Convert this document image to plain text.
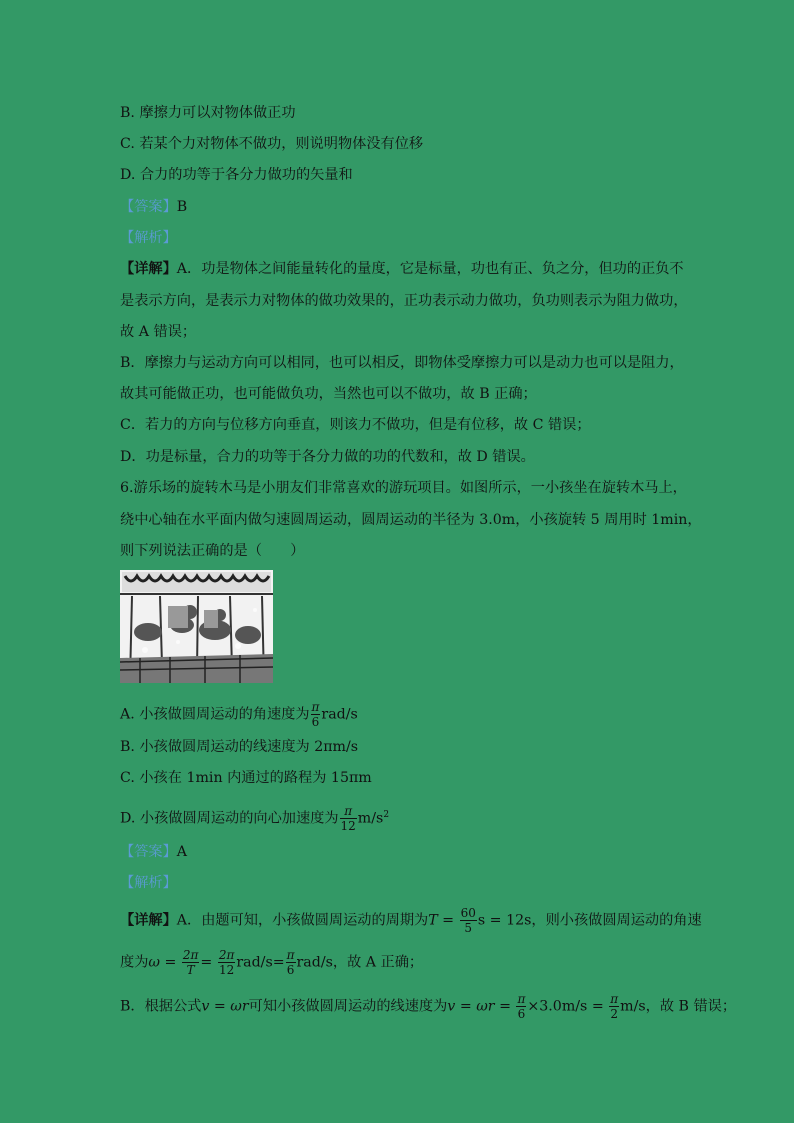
B. 摩擦力可以对物体做正功
C. 若某个力对物体不做功，则说明物体没有位移
D. 合力的功等于各分力做功的矢量和
【答案】B
【解析】
【详解】A．功是物体之间能量转化的量度，它是标量，功也有正、负之分，但功的正负不
是表示方向，是表示力对物体的做功效果的，正功表示动力做功，负功则表示为阻力做功，
故 A 错误；
B．摩擦力与运动方向可以相同，也可以相反，即物体受摩擦力可以是动力也可以是阻力，
故其可能做正功，也可能做负功，当然也可以不做功，故 B 正确；
C．若力的方向与位移方向垂直，则该力不做功，但是有位移，故 C 错误；
D．功是标量，合力的功等于各分力做的功的代数和，故 D 错误。
6.游乐场的旋转木马是小朋友们非常喜欢的游玩项目。如图所示，一小孩坐在旋转木马上，
绕中心轴在水平面内做匀速圆周运动，圆周运动的半径为 3.0m，小孩旋转 5 周用时 1min，
则下列说法正确的是（　　）
A. 小孩做圆周运动的角速度为 $\frac{\pi}{6} rad/s$
B. 小孩做圆周运动的线速度为 2πm/s
C. 小孩在 1min 内通过的路程为 15πm
D. 小孩做圆周运动的向心加速度为 $\frac{\pi}{12} m/s^2$
【答案】A
【解析】
【详解】A．由题可知，小孩做圆周运动的周期为$T = \frac{60}{5}$ s = 12s，则小孩做圆周运动的角速
度为$\omega = \frac{2\pi}{T} = \frac{2\pi}{12} rad/s= \frac{\pi}{6} rad/s$，故 A 正确；
B．根据公式v = ωr可知小孩做圆周运动的线速度为$v = \omega r = \frac{\pi}{6} \times 3.0m/s = \frac{\pi}{2} m/s$，故 B 错误；
